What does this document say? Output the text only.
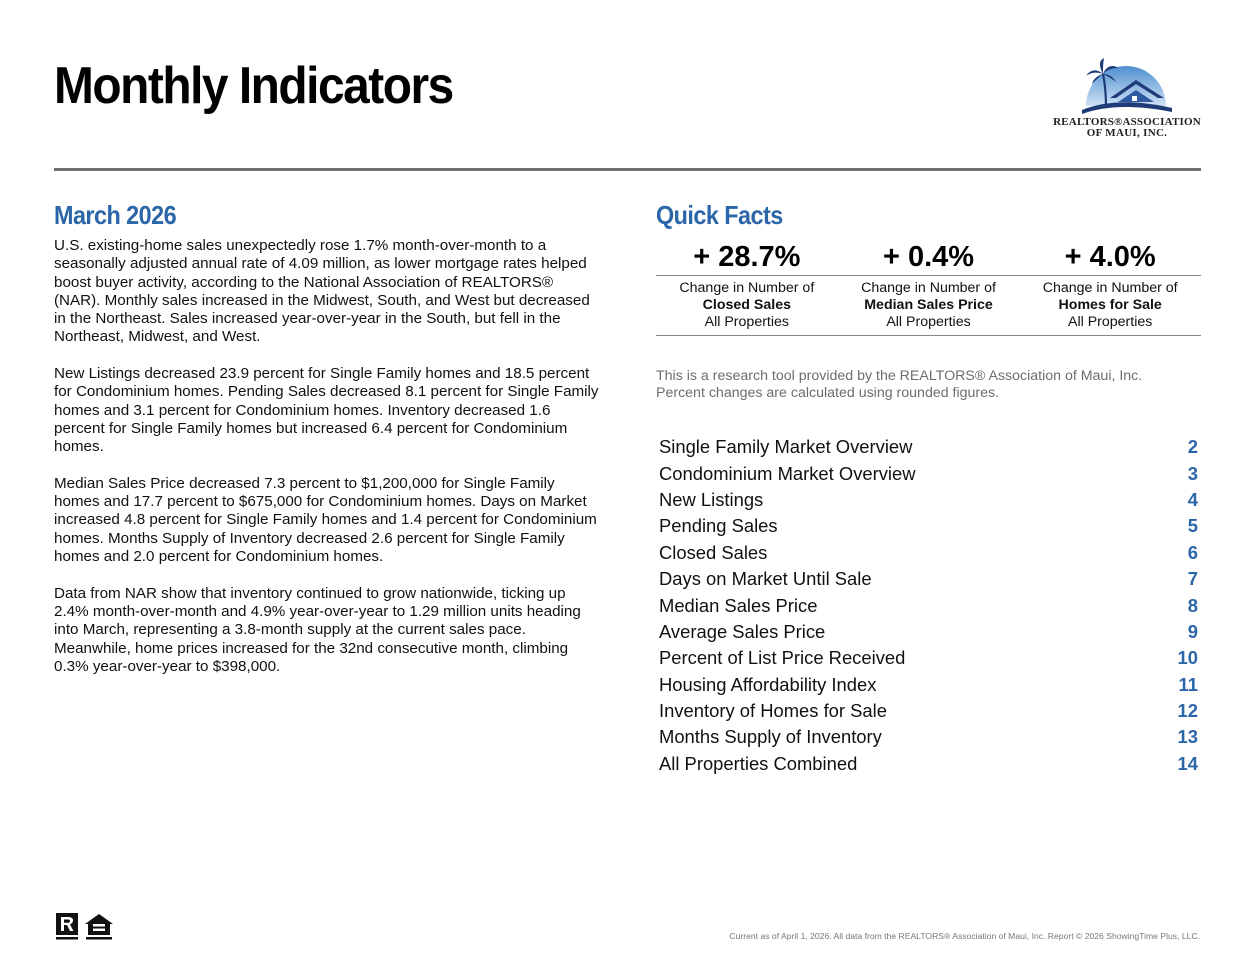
Monthly Indicators
REALTORS®ASSOCIATION
OF MAUI, INC.
March 2026

U.S. existing-home sales unexpectedly rose 1.7% month-over-month to a seasonally adjusted annual rate of 4.09 million, as lower mortgage rates helped boost buyer activity, according to the National Association of REALTORS® (NAR). Monthly sales increased in the Midwest, South, and West but decreased in the Northeast. Sales increased year-over-year in the South, but fell in the Northeast, Midwest, and West.

New Listings decreased 23.9 percent for Single Family homes and 18.5 percent for Condominium homes. Pending Sales decreased 8.1 percent for Single Family homes and 3.1 percent for Condominium homes. Inventory decreased 1.6 percent for Single Family homes but increased 6.4 percent for Condominium homes.

Median Sales Price decreased 7.3 percent to $1,200,000 for Single Family homes and 17.7 percent to $675,000 for Condominium homes. Days on Market increased 4.8 percent for Single Family homes and 1.4 percent for Condominium homes. Months Supply of Inventory decreased 2.6 percent for Single Family homes and 2.0 percent for Condominium homes.

Data from NAR show that inventory continued to grow nationwide, ticking up 2.4% month-over-month and 4.9% year-over-year to 1.29 million units heading into March, representing a 3.8-month supply at the current sales pace. Meanwhile, home prices increased for the 32nd consecutive month, climbing 0.3% year-over-year to $398,000.

Quick Facts
+ 28.7%	+ 0.4%	+ 4.0%
Change in Number of
Closed Sales
All Properties
Change in Number of
Median Sales Price
All Properties
Change in Number of
Homes for Sale
All Properties
This is a research tool provided by the REALTORS® Association of Maui, Inc.
Percent changes are calculated using rounded figures.
Single Family Market Overview	2
Condominium Market Overview	3
New Listings	4
Pending Sales	5
Closed Sales	6
Days on Market Until Sale	7
Median Sales Price	8
Average Sales Price	9
Percent of List Price Received	10
Housing Affordability Index	11
Inventory of Homes for Sale	12
Months Supply of Inventory	13
All Properties Combined	14
Current as of April 1, 2026. All data from the REALTORS® Association of Maui, Inc. Report © 2026 ShowingTime Plus, LLC.
